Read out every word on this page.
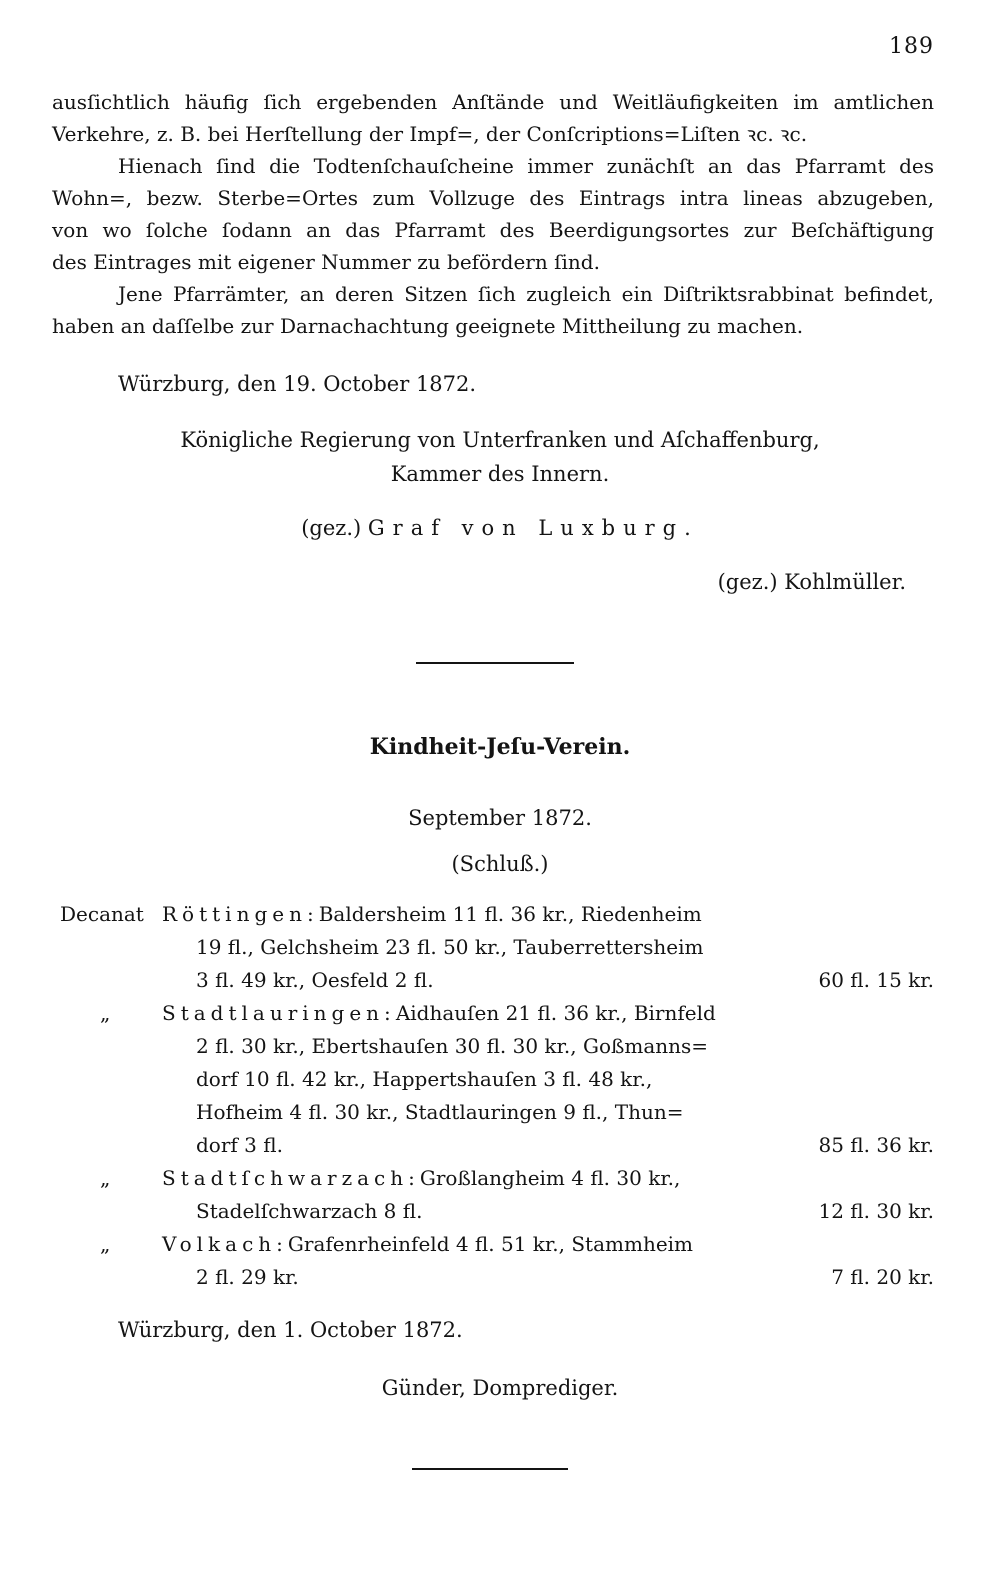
189

ausſichtlich häufig ſich ergebenden Anſtände und Weitläufigkeiten im amtlichen

Verkehre, z. B. bei Herſtellung der Impf=, der Conſcriptions=Liſten ꝛc. ꝛc.

Hienach ſind die Todtenſchauſcheine immer zunächſt an das Pfarramt des

Wohn=, bezw. Sterbe=Ortes zum Vollzuge des Eintrags intra lineas abzugeben,

von wo ſolche ſodann an das Pfarramt des Beerdigungsortes zur Beſchäftigung

des Eintrages mit eigener Nummer zu befördern ſind.

Jene Pfarrämter, an deren Sitzen ſich zugleich ein Diſtriktsrabbinat befindet,

haben an daſſelbe zur Darnachachtung geeignete Mittheilung zu machen.

Würzburg, den 19. October 1872.
Königliche Regierung von Unterfranken und Aſchaffenburg,
Kammer des Innern.
(gez.) Graf von Luxburg.
(gez.) Kohlmüller.
Kindheit-Jeſu-Verein.
September 1872.
(Schluß.)
Decanat Röttingen:Baldersheim 11 fl. 36 kr., Riedenheim
19 fl., Gelchsheim 23 fl. 50 kr., Tauberrettersheim
3 fl. 49 kr., Oesfeld 2 fl.	60 fl. 15 kr.
„	Stadtlauringen:Aidhauſen 21 fl. 36 kr., Birnfeld
2 fl. 30 kr., Ebertshauſen 30 fl. 30 kr., Goßmanns=
dorf 10 fl. 42 kr., Happertshauſen 3 fl. 48 kr.,
Hofheim 4 fl. 30 kr., Stadtlauringen 9 fl., Thun=
dorf 3 fl.	85 fl. 36 kr.
„	Stadtſchwarzach:Großlangheim 4 fl. 30 kr.,
Stadelſchwarzach 8 fl.	12 fl. 30 kr.
„	Volkach:Grafenrheinfeld 4 fl. 51 kr., Stammheim
2 fl. 29 kr.	7 fl. 20 kr.
Würzburg, den 1. October 1872.
Günder, Domprediger.
